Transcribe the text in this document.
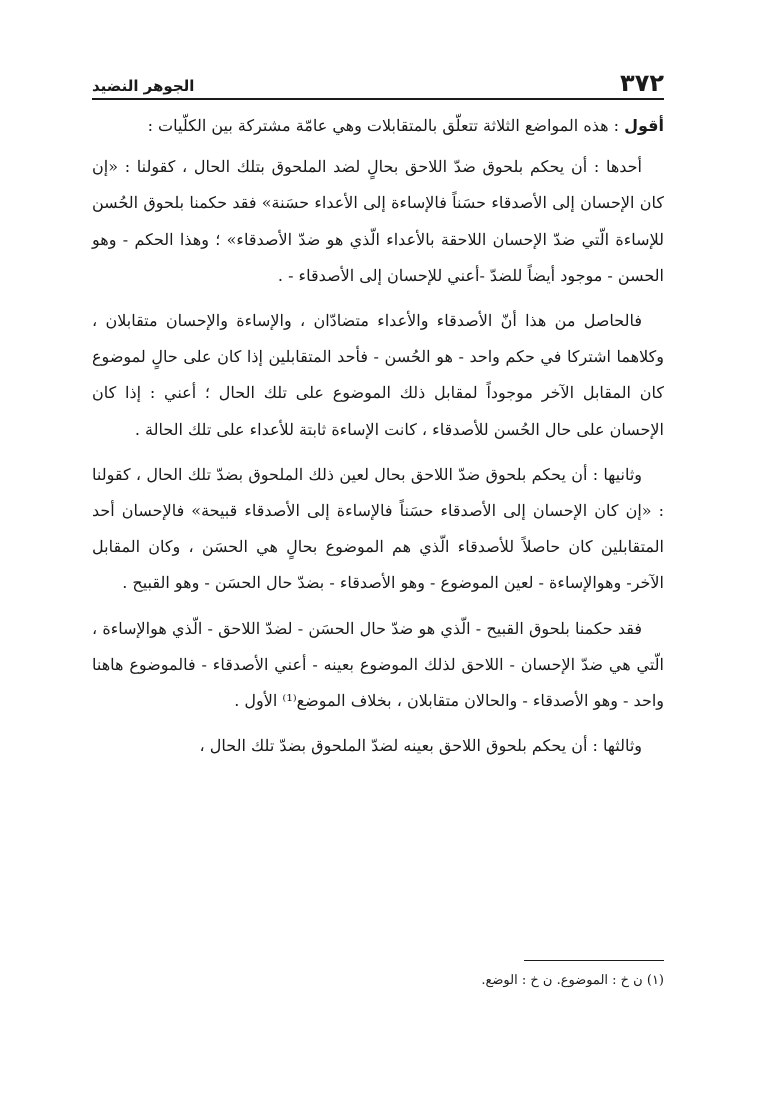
٣٧٢
الجوهر النضيد

أقول : هذه المواضع الثلاثة تتعلّق بالمتقابلات وهي عامّة مشتركة بين الكلّيات :

أحدها : أن يحكم بلحوق ضدّ اللاحق بحالٍ لضد الملحوق بتلك الحال ، كقولنا : «إن كان الإحسان إلى الأصدقاء حسَناً فالإساءة إلى الأعداء حسَنة» فقد حكمنا بلحوق الحُسن للإساءة الّتي ضدّ الإحسان اللاحقة بالأعداء الّذي هو ضدّ الأصدقاء» ؛ وهذا الحكم - وهو الحسن - موجود أيضاً للضدّ -أعني للإحسان إلى الأصدقاء - .

فالحاصل من هذا أنّ الأصدقاء والأعداء متضادّان ، والإساءة والإحسان متقابلان ، وكلاهما اشتركا في حكم واحد - هو الحُسن - فأحد المتقابلين إذا كان على حالٍ لموضوع كان المقابل الآخر موجوداً لمقابل ذلك الموضوع على تلك الحال ؛ أعني : إذا كان الإحسان على حال الحُسن للأصدقاء ، كانت الإساءة ثابتة للأعداء على تلك الحالة .

وثانيها : أن يحكم بلحوق ضدّ اللاحق بحال لعين ذلك الملحوق بضدّ تلك الحال ، كقولنا : «إن كان الإحسان إلى الأصدقاء حسَناً فالإساءة إلى الأصدقاء قبيحة» فالإحسان أحد المتقابلين كان حاصلاً للأصدقاء الّذي هم الموضوع بحالٍ هي الحسَن ، وكان المقابل الآخر- وهوالإساءة - لعين الموضوع - وهو الأصدقاء - بضدّ حال الحسَن - وهو القبيح .

فقد حكمنا بلحوق القبيح - الّذي هو ضدّ حال الحسَن - لضدّ اللاحق - الّذي هوالإساءة ، الّتي هي ضدّ الإحسان - اللاحق لذلك الموضوع بعينه - أعني الأصدقاء - فالموضوع هاهنا واحد - وهو الأصدقاء - والحالان متقابلان ، بخلاف الموضع⁽¹⁾ الأول .

وثالثها : أن يحكم بلحوق اللاحق بعينه لضدّ الملحوق بضدّ تلك الحال ،

(١) ن خ : الموضوع. ن خ : الوضع.
